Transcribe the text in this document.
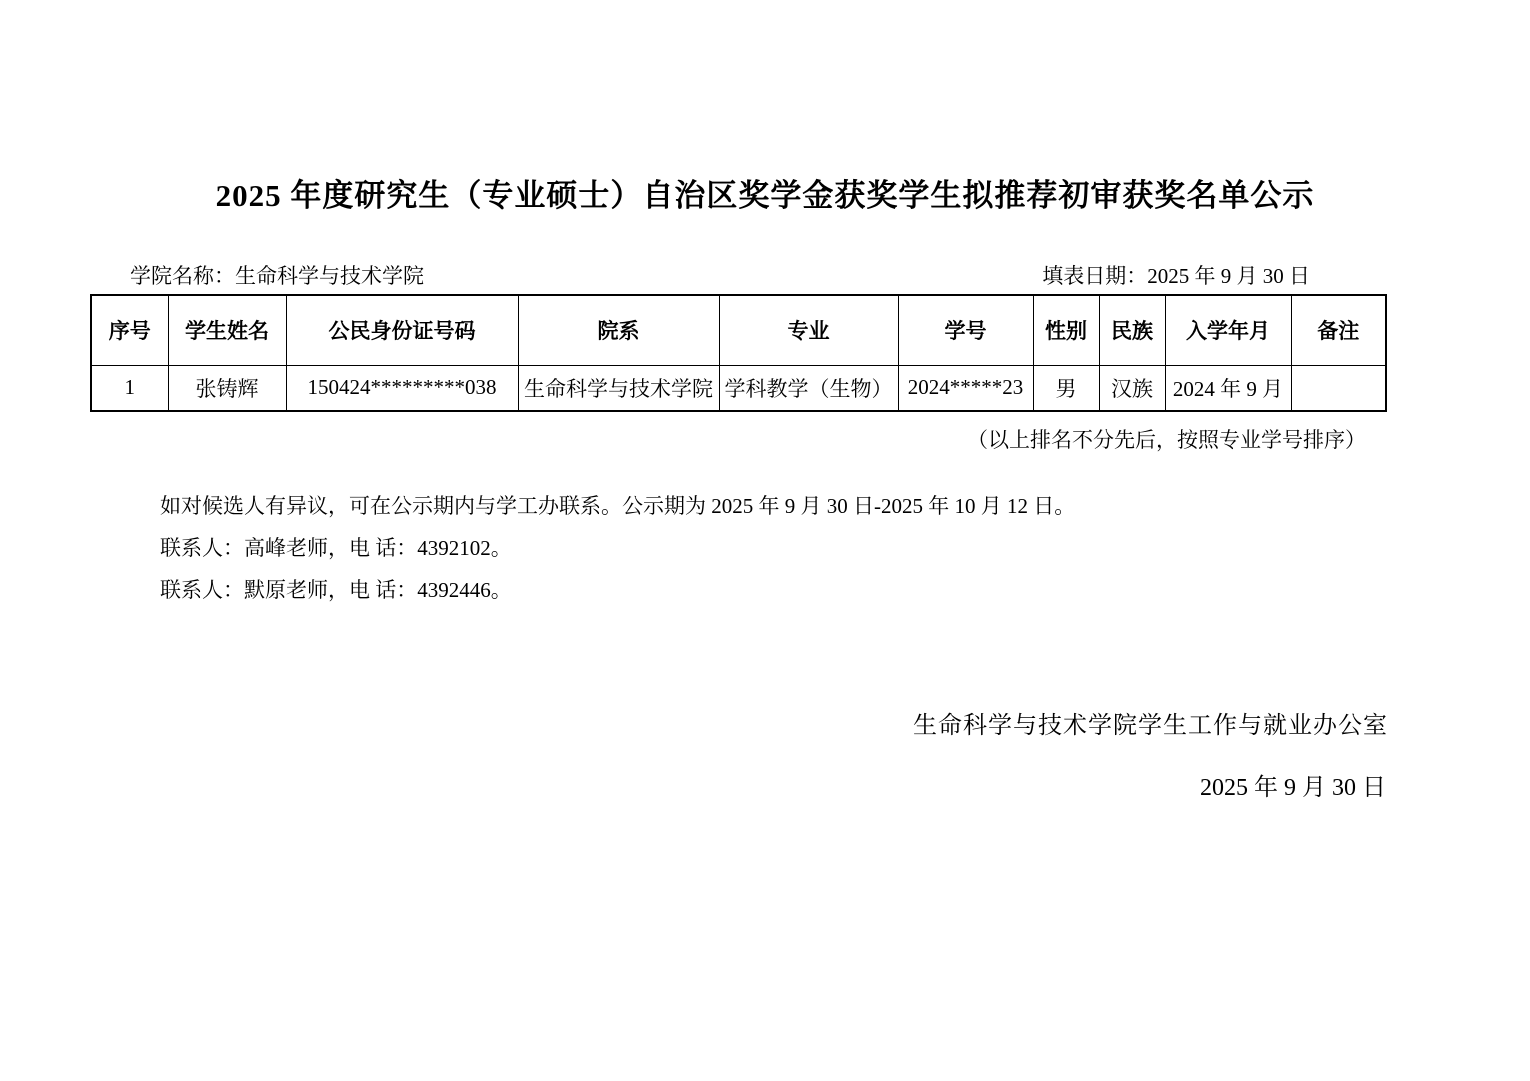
2025 年度研究生（专业硕士）自治区奖学金获奖学生拟推荐初审获奖名单公示
学院名称：生命科学与技术学院	填表日期：2025 年 9 月 30 日
序号	学生姓名	公民身份证号码	院系	专业	学号	性别	民族	入学年月	备注
1	张铸辉	150424*********038	生命科学与技术学院	学科教学（生物）	2024*****23	男	汉族	2024 年 9 月	
（以上排名不分先后，按照专业学号排序）
如对候选人有异议，可在公示期内与学工办联系。公示期为 2025 年 9 月 30 日-2025 年 10 月 12 日。
联系人：高峰老师，电 话：4392102。
联系人：默原老师，电 话：4392446。
生命科学与技术学院学生工作与就业办公室
2025 年 9 月 30 日
